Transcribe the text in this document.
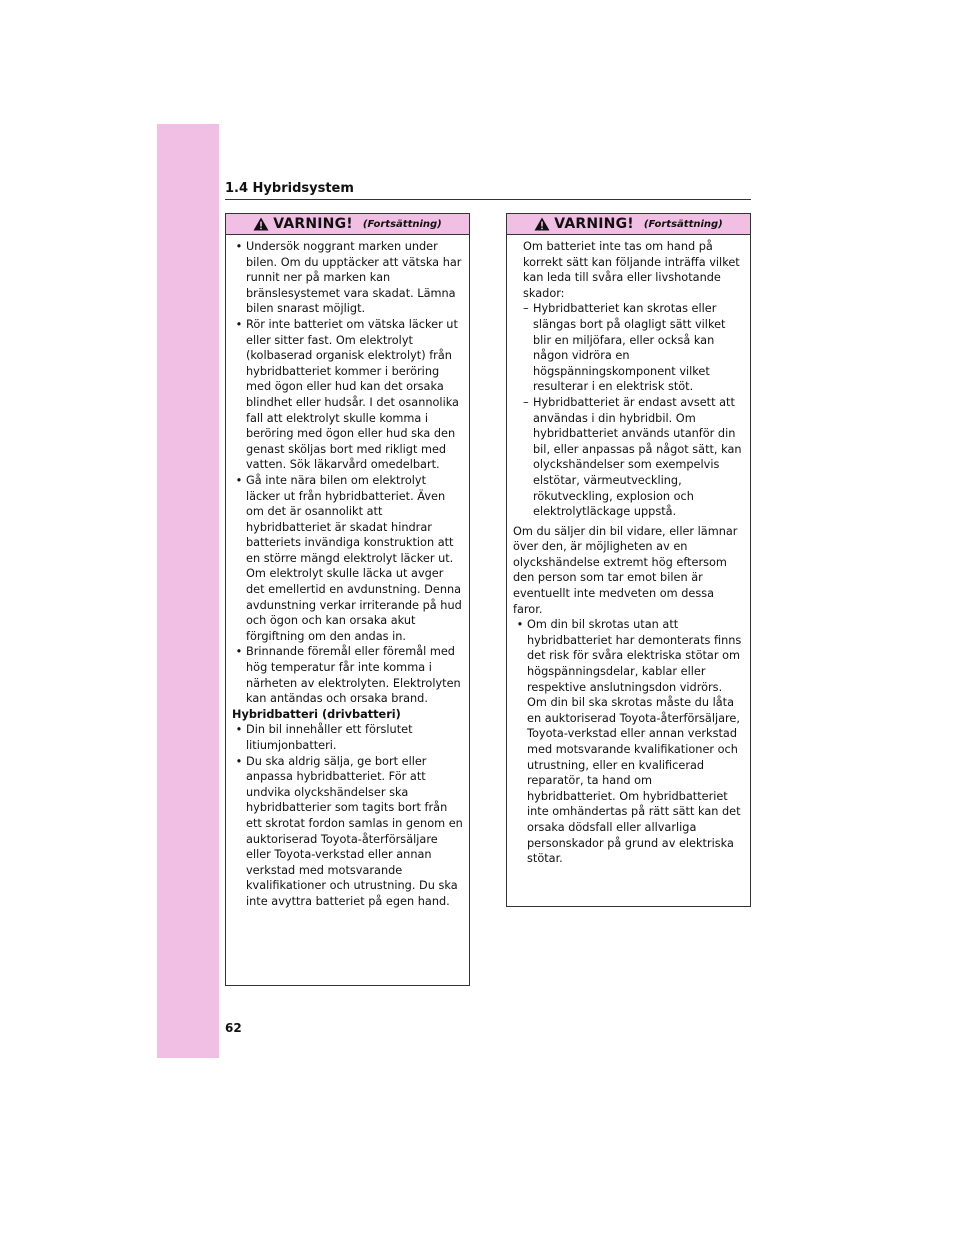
1.4 Hybridsystem
VARNING! (Fortsättning)
• Undersök noggrant marken under bilen. Om du upptäcker att vätska har runnit ner på marken kan bränslesystemet vara skadat. Lämna bilen snarast möjligt.
• Rör inte batteriet om vätska läcker ut eller sitter fast. Om elektrolyt (kolbaserad organisk elektrolyt) från hybridbatteriet kommer i beröring med ögon eller hud kan det orsaka blindhet eller hudsår. I det osannolika fall att elektrolyt skulle komma i beröring med ögon eller hud ska den genast sköljas bort med rikligt med vatten. Sök läkarvård omedelbart.
• Gå inte nära bilen om elektrolyt läcker ut från hybridbatteriet. Även om det är osannolikt att hybridbatteriet är skadat hindrar batteriets invändiga konstruktion att en större mängd elektrolyt läcker ut. Om elektrolyt skulle läcka ut avger det emellertid en avdunstning. Denna avdunstning verkar irriterande på hud och ögon och kan orsaka akut förgiftning om den andas in.
• Brinnande föremål eller föremål med hög temperatur får inte komma i närheten av elektrolyten. Elektrolyten kan antändas och orsaka brand.

Hybridbatteri (drivbatteri)

• Din bil innehåller ett förslutet litiumjonbatteri.
• Du ska aldrig sälja, ge bort eller anpassa hybridbatteriet. För att undvika olyckshändelser ska hybridbatterier som tagits bort från ett skrotat fordon samlas in genom en auktoriserad Toyota-återförsäljare eller Toyota-verkstad eller annan verkstad med motsvarande kvalifikationer och utrustning. Du ska inte avyttra batteriet på egen hand.
VARNING! (Fortsättning)

Om batteriet inte tas om hand på korrekt sätt kan följande inträffa vilket kan leda till svåra eller livshotande skador:

– Hybridbatteriet kan skrotas eller slängas bort på olagligt sätt vilket blir en miljöfara, eller också kan någon vidröra en högspänningskomponent vilket resulterar i en elektrisk stöt.
– Hybridbatteriet är endast avsett att användas i din hybridbil. Om hybridbatteriet används utanför din bil, eller anpassas på något sätt, kan olyckshändelser som exempelvis elstötar, värmeutveckling, rökutveckling, explosion och elektrolytläckage uppstå.

Om du säljer din bil vidare, eller lämnar över den, är möjligheten av en olyckshändelse extremt hög eftersom den person som tar emot bilen är eventuellt inte medveten om dessa faror.

• Om din bil skrotas utan att hybridbatteriet har demonterats finns det risk för svåra elektriska stötar om högspänningsdelar, kablar eller respektive anslutningsdon vidrörs. Om din bil ska skrotas måste du låta en auktoriserad Toyota-återförsäljare, Toyota-verkstad eller annan verkstad med motsvarande kvalifikationer och utrustning, eller en kvalificerad reparatör, ta hand om hybridbatteriet. Om hybridbatteriet inte omhändertas på rätt sätt kan det orsaka dödsfall eller allvarliga personskador på grund av elektriska stötar.
62
